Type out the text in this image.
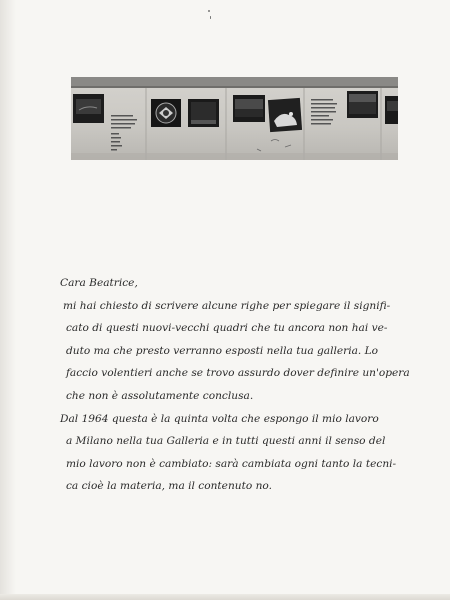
Cara Beatrice,
mi hai chiesto di scrivere alcune righe per spiegare il signifi-
cato di questi nuovi-vecchi quadri che tu ancora non hai ve-
duto ma che presto verranno esposti nella tua galleria. Lo
faccio volentieri anche se trovo assurdo dover definire un'opera
che non è assolutamente conclusa.
Dal 1964 questa è la quinta volta che espongo il mio lavoro
a Milano nella tua Galleria e in tutti questi anni il senso del
mio lavoro non è cambiato: sarà cambiata ogni tanto la tecni-
ca cioè la materia, ma il contenuto no.
